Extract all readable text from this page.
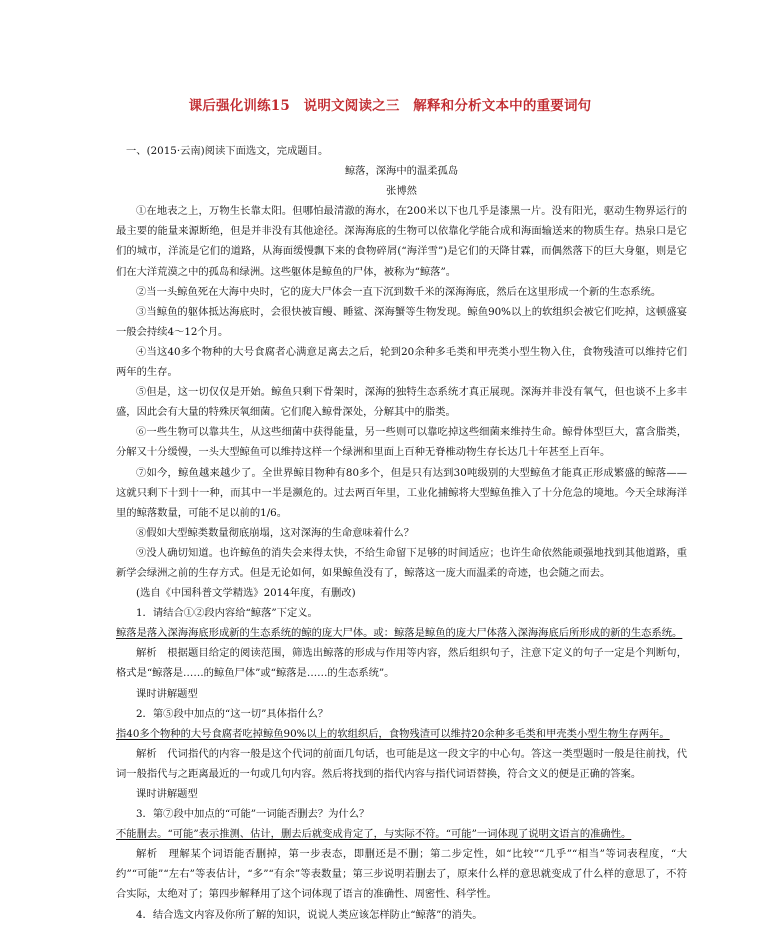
课后强化训练15　说明文阅读之三　解释和分析文本中的重要词句

一、(2015·云南)阅读下面选文，完成题目。

鲸落，深海中的温柔孤岛

张博然

①在地表之上，万物生长靠太阳。但哪怕最清澈的海水，在200米以下也几乎是漆黑一片。没有阳光，驱动生物界运行的最主要的能量来源断绝，但是并非没有其他途径。深海海底的生物可以依靠化学能合成和海面输送来的物质生存。热泉口是它们的城市，洋流是它们的道路，从海面缓慢飘下来的食物碎屑(“海洋雪”)是它们的天降甘霖，而偶然落下的巨大身躯，则是它们在大洋荒漠之中的孤岛和绿洲。这些躯体是鲸鱼的尸体，被称为“鲸落”。

②当一头鲸鱼死在大海中央时，它的庞大尸体会一直下沉到数千米的深海海底，然后在这里形成一个新的生态系统。

③当鲸鱼的躯体抵达海底时，会很快被盲鳗、睡鲨、深海蟹等生物发现。鲸鱼90%以上的软组织会被它们吃掉，这顿盛宴一般会持续4～12个月。

④当这40多个物种的大号食腐者心满意足离去之后，轮到20余种多毛类和甲壳类小型生物入住，食物残渣可以维持它们两年的生存。

⑤但是，这一切仅仅是开始。鲸鱼只剩下骨架时，深海的独特生态系统才真正展现。深海并非没有氧气，但也谈不上多丰盛，因此会有大量的特殊厌氧细菌。它们爬入鲸骨深处，分解其中的脂类。

⑥一些生物可以靠共生，从这些细菌中获得能量，另一些则可以靠吃掉这些细菌来维持生命。鲸骨体型巨大，富含脂类，分解又十分缓慢，一头大型鲸鱼可以维持这样一个绿洲和里面上百种无脊椎动物生存长达几十年甚至上百年。

⑦如今，鲸鱼越来越少了。全世界鲸目物种有80多个，但是只有达到30吨级别的大型鲸鱼才能真正形成繁盛的鲸落——这就只剩下十到十一种，而其中一半是濒危的。过去两百年里，工业化捕鲸将大型鲸鱼推入了十分危急的境地。今天全球海洋里的鲸落数量，可能不足以前的1/6。

⑧假如大型鲸类数量彻底崩塌，这对深海的生命意味着什么？

⑨没人确切知道。也许鲸鱼的消失会来得太快，不给生命留下足够的时间适应；也许生命依然能顽强地找到其他道路，重新学会绿洲之前的生存方式。但是无论如何，如果鲸鱼没有了，鲸落这一庞大而温柔的奇迹，也会随之而去。

(选自《中国科普文学精选》2014年度，有删改)

1．请结合①②段内容给“鲸落”下定义。

鲸落是落入深海海底形成新的生态系统的鲸的庞大尸体。或：鲸落是鲸鱼的庞大尸体落入深海海底后所形成的新的生态系统。

解析　根据题目给定的阅读范围，筛选出鲸落的形成与作用等内容，然后组织句子，注意下定义的句子一定是个判断句，格式是“鲸落是……的鲸鱼尸体”或“鲸落是……的生态系统”。

课时讲解题型

2．第⑤段中加点的“这一切”具体指什么？

指40多个物种的大号食腐者吃掉鲸鱼90%以上的软组织后，食物残渣可以维持20余种多毛类和甲壳类小型生物生存两年。

解析　代词指代的内容一般是这个代词的前面几句话，也可能是这一段文字的中心句。答这一类型题时一般是往前找，代词一般指代与之距离最近的一句或几句内容。然后将找到的指代内容与指代词语替换，符合文义的便是正确的答案。

课时讲解题型

3．第⑦段中加点的“可能”一词能否删去？为什么？

不能删去。“可能”表示推测、估计，删去后就变成肯定了，与实际不符。“可能”一词体现了说明文语言的准确性。

解析　理解某个词语能否删掉，第一步表态，即删还是不删；第二步定性，如“比较”“几乎”“相当”等词表程度，“大约”“可能”“左右”等表估计，“多”“有余”等表数量；第三步说明若删去了，原来什么样的意思就变成了什么样的意思了，不符合实际，太绝对了；第四步解释用了这个词体现了语言的准确性、周密性、科学性。

4．结合选文内容及你所了解的知识，说说人类应该怎样防止“鲸落”的消失。
